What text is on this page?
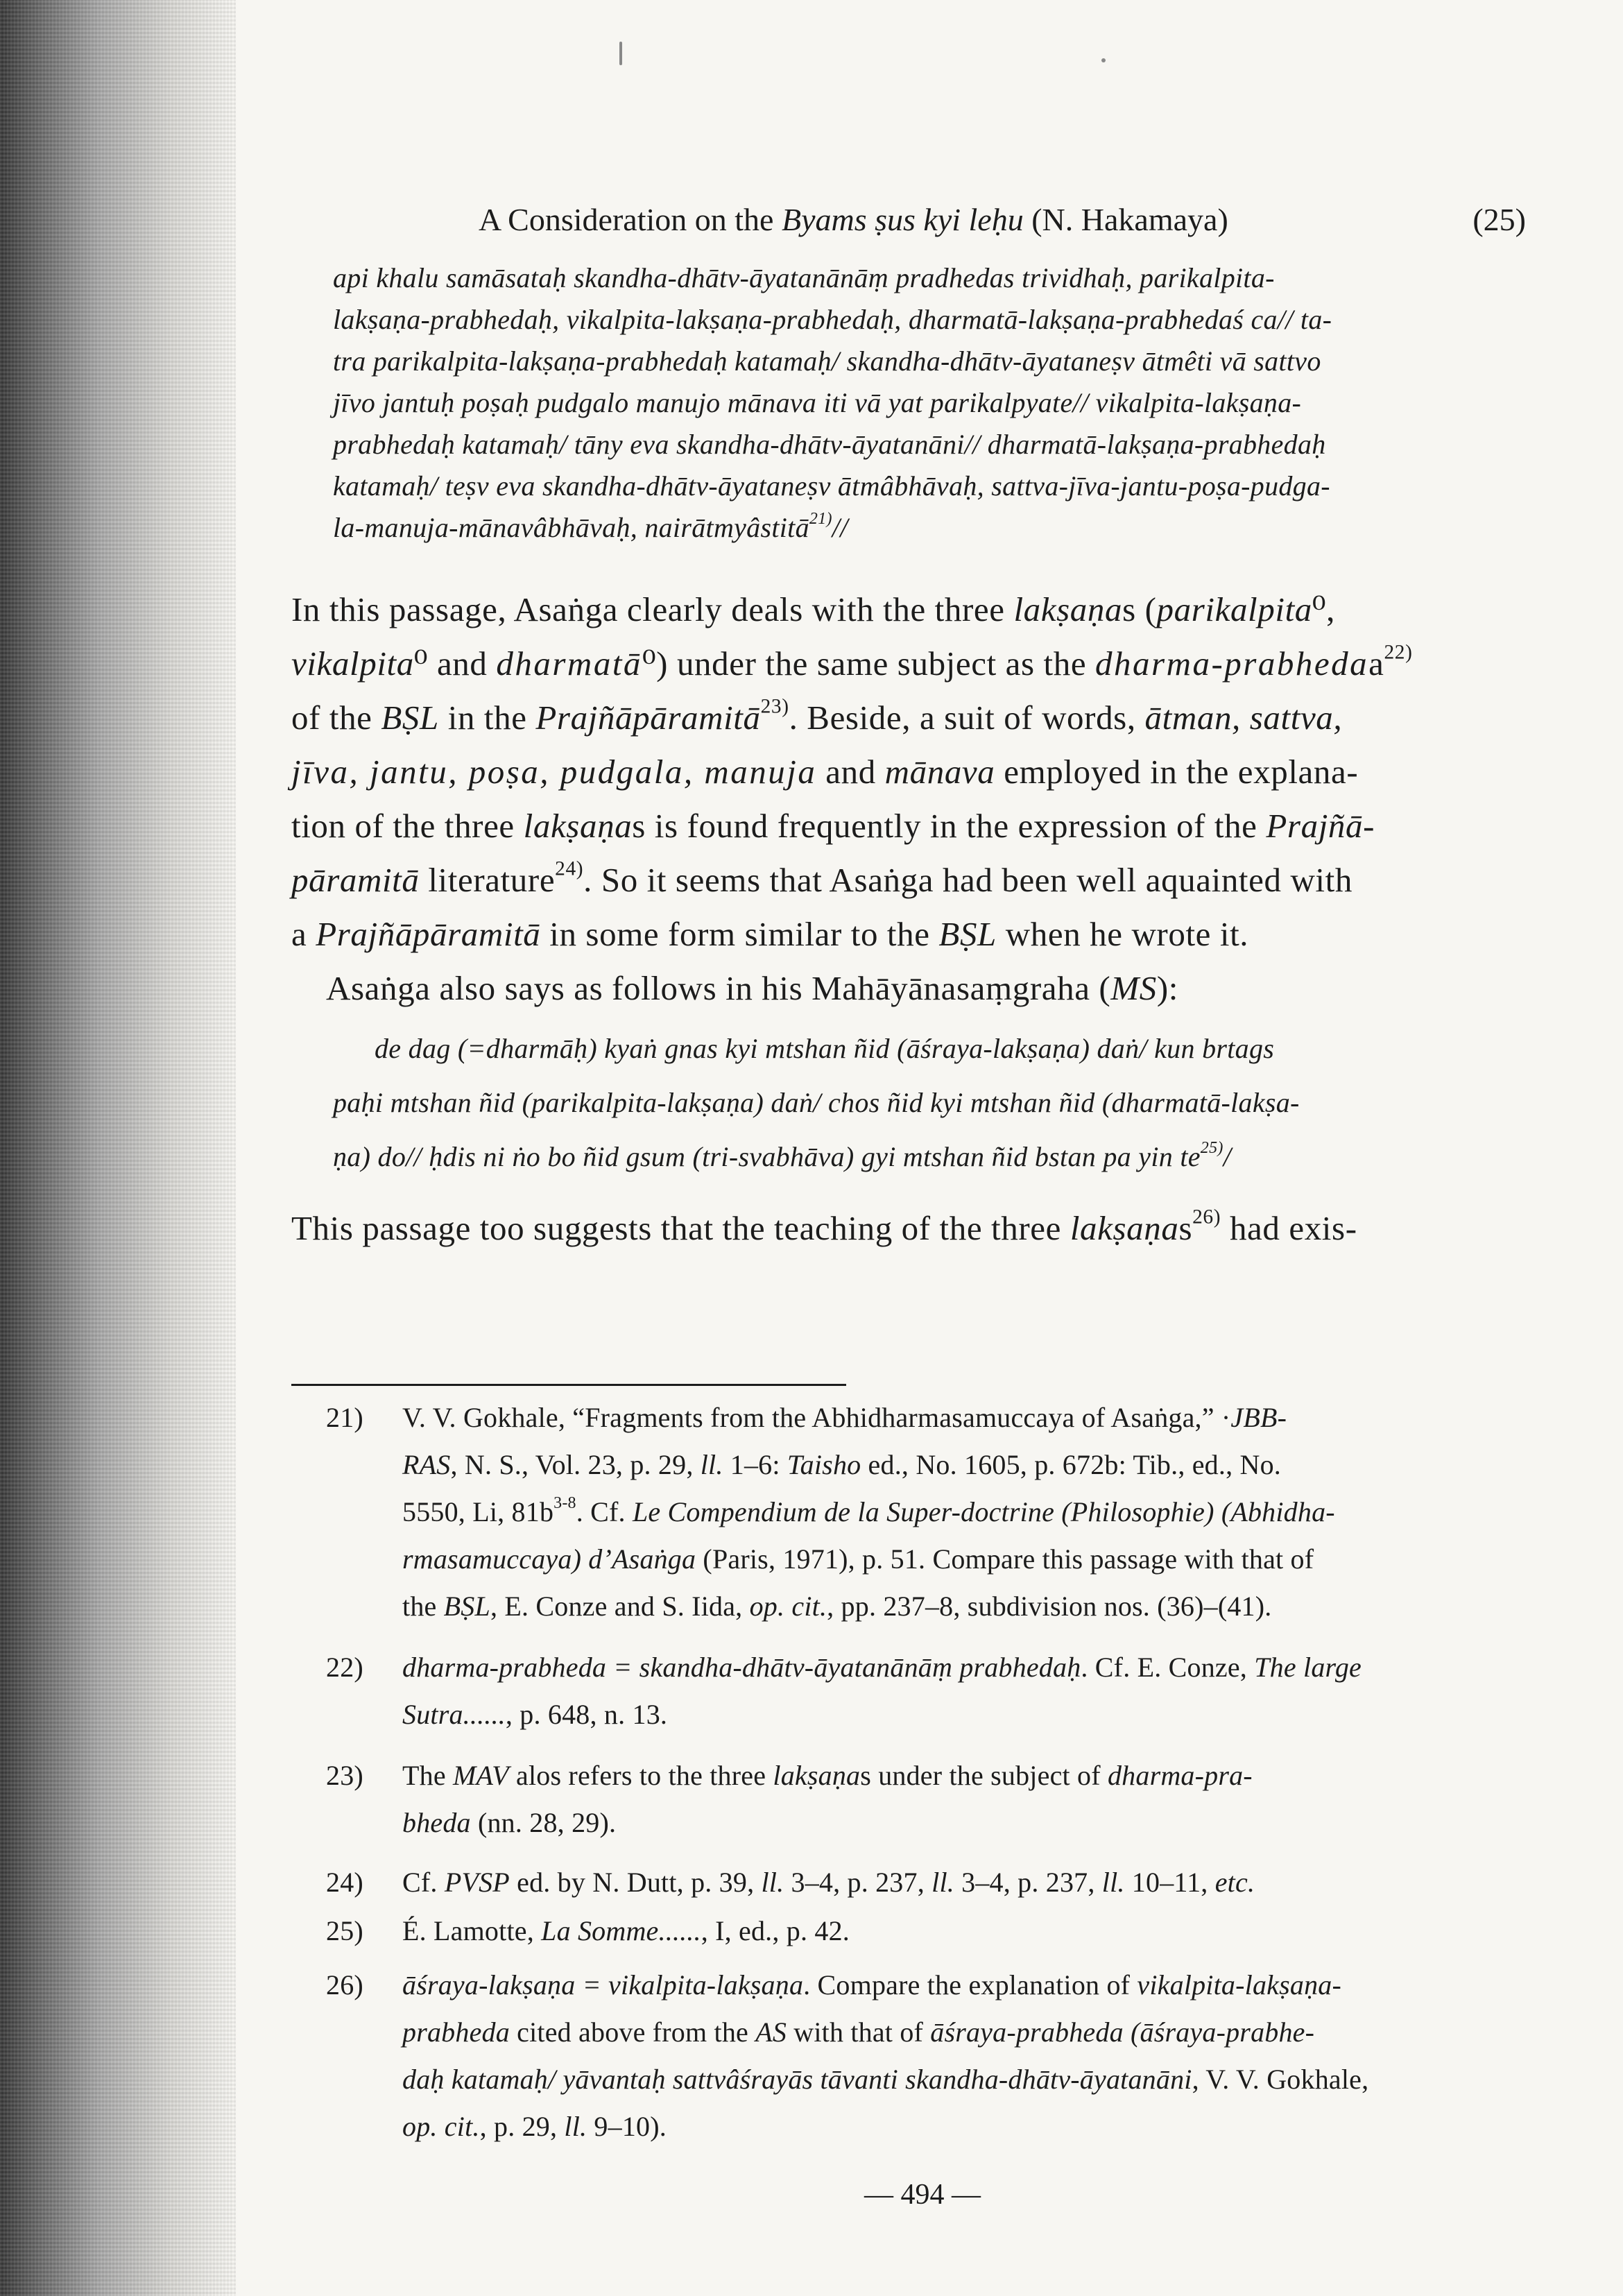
A Consideration on the Byams ṣus kyi leḥu (N. Hakamaya)	(25)
api khalu samāsataḥ skandha-dhātv-āyatanānāṃ pradhedas trividhaḥ, parikalpita-
lakṣaṇa-prabhedaḥ, vikalpita-lakṣaṇa-prabhedaḥ, dharmatā-lakṣaṇa-prabhedaś ca// ta-
tra parikalpita-lakṣaṇa-prabhedaḥ katamaḥ/ skandha-dhātv-āyataneṣv ātmêti vā sattvo
jīvo jantuḥ poṣaḥ pudgalo manujo mānava iti vā yat parikalpyate// vikalpita-lakṣaṇa-
prabhedaḥ katamaḥ/ tāny eva skandha-dhātv-āyatanāni// dharmatā-lakṣaṇa-prabhedaḥ
katamaḥ/ teṣv eva skandha-dhātv-āyataneṣv ātmâbhāvaḥ, sattva-jīva-jantu-poṣa-pudga-
la-manuja-mānavâbhāvaḥ, nairātmyâstitā$^{21)}$//
In this passage, Asaṅga clearly deals with the three lakṣaṇas (parikalpita⁰,
vikalpita⁰ and dharmatā⁰) under the same subject as the dharma-prabhedaa$^{22)}$
of the BṢL in the Prajñāpāramitā$^{23)}$. Beside, a suit of words, ātman, sattva,
jīva, jantu, poṣa, pudgala, manuja and mānava employed in the explana-
tion of the three lakṣaṇas is found frequently in the expression of the Prajñā-
pāramitā literature$^{24)}$. So it seems that Asaṅga had been well aquainted with
a Prajñāpāramitā in some form similar to the BṢL when he wrote it.
Asaṅga also says as follows in his Mahāyānasaṃgraha (MS):
de dag (=dharmāḥ) kyaṅ gnas kyi mtshan ñid (āśraya-lakṣaṇa) daṅ/ kun brtags
paḥi mtshan ñid (parikalpita-lakṣaṇa) daṅ/ chos ñid kyi mtshan ñid (dharmatā-lakṣa-
ṇa) do// ḥdis ni ṅo bo ñid gsum (tri-svabhāva) gyi mtshan ñid bstan pa yin $te^{25)}/$
This passage too suggests that the teaching of the three lakṣaṇas$^{26)}$ had exis-
21) V. V. Gokhale, “Fragments from the Abhidharmasamuccaya of Asaṅga,” ·JBB-
RAS, N. S., Vol. 23, p. 29, ll. 1–6: Taisho ed., No. 1605, p. 672b: Tib., ed., No.
5550, Li, $81b^{3-8}$. Cf. Le Compendium de la Super-doctrine (Philosophie) (Abhidha-
rmasamuccaya) d’Asaṅga (Paris, 1971), p. 51. Compare this passage with that of
the BṢL, E. Conze and S. Iida, op. cit., pp. 237–8, subdivision nos. (36)–(41).
22) dharma-prabheda = skandha-dhātv-āyatanānāṃ prabhedaḥ. Cf. E. Conze, The large
Sutra......, p. 648, n. 13.
23) The MAV alos refers to the three lakṣaṇas under the subject of dharma-pra-
bheda (nn. 28, 29).
24) Cf. PVSP ed. by N. Dutt, p. 39, ll. 3–4, p. 237, ll. 3–4, p. 237, ll. 10–11, etc.
25) É. Lamotte, La Somme......, I, ed., p. 42.
26) āśraya-lakṣaṇa = vikalpita-lakṣaṇa. Compare the explanation of vikalpita-lakṣaṇa-
prabheda cited above from the AS with that of āśraya-prabheda (āśraya-prabhe-
daḥ katamaḥ/ yāvantaḥ sattvâśrayās tāvanti skandha-dhātv-āyatanāni, V. V. Gokhale,
op. cit., p. 29, ll. 9–10).
— 494 —
